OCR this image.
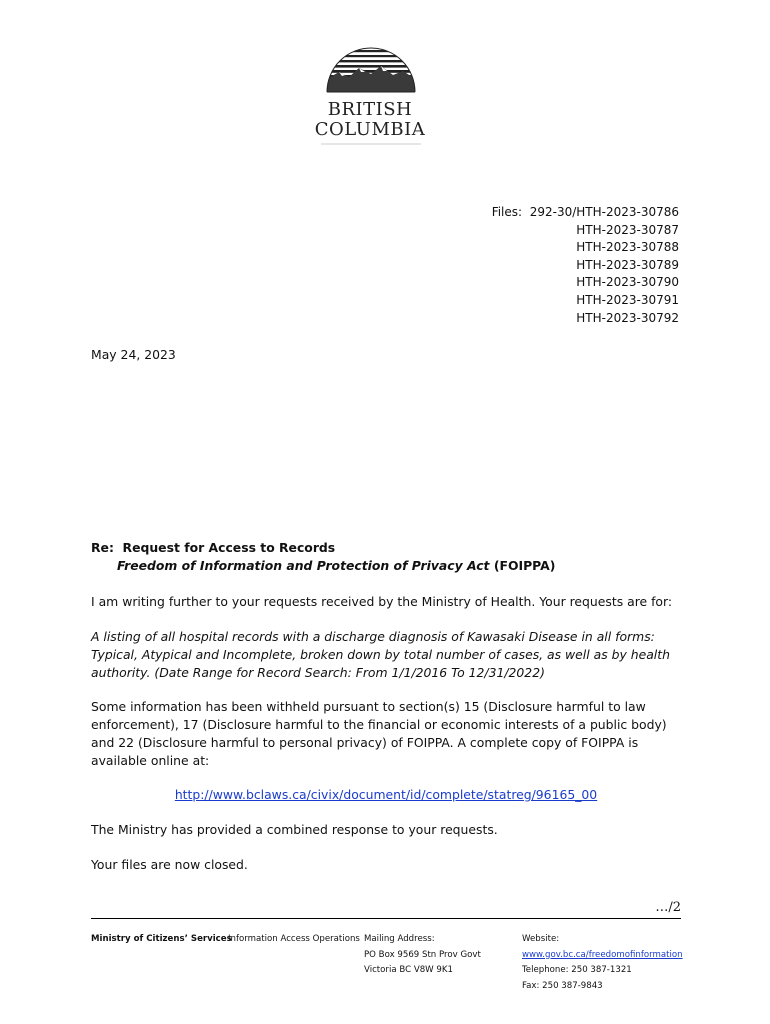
BRITISH
COLUMBIA
Files: 292-30/HTH-2023-30786
HTH-2023-30787
HTH-2023-30788
HTH-2023-30789
HTH-2023-30790
HTH-2023-30791
HTH-2023-30792
May 24, 2023
Re: Request for Access to Records
Freedom of Information and Protection of Privacy Act (FOIPPA)
I am writing further to your requests received by the Ministry of Health. Your requests are for:
A listing of all hospital records with a discharge diagnosis of Kawasaki Disease in all forms: Typical, Atypical and Incomplete, broken down by total number of cases, as well as by health authority. (Date Range for Record Search: From 1/1/2016 To 12/31/2022)
Some information has been withheld pursuant to section(s) 15 (Disclosure harmful to law enforcement), 17 (Disclosure harmful to the financial or economic interests of a public body) and 22 (Disclosure harmful to personal privacy) of FOIPPA. A complete copy of FOIPPA is available online at:
http://www.bclaws.ca/civix/document/id/complete/statreg/96165_00
The Ministry has provided a combined response to your requests.
Your files are now closed.
…/2
Ministry of Citizens’ Services
Information Access Operations Mailing Address:
PO Box 9569 Stn Prov Govt
Victoria BC V8W 9K1
Website:
www.gov.bc.ca/freedomofinformation
Telephone: 250 387-1321
Fax: 250 387-9843
